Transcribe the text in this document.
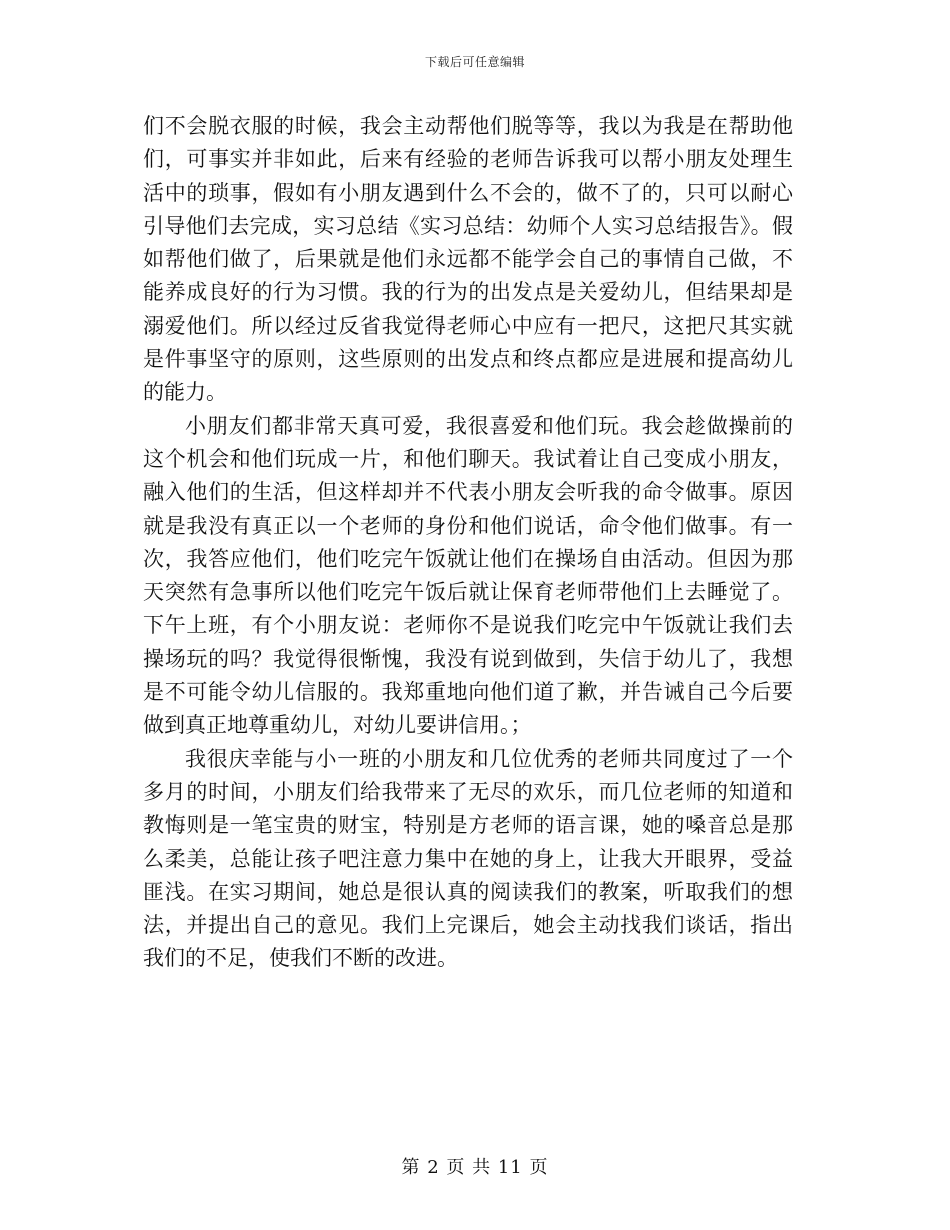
下载后可任意编辑

们不会脱衣服的时候，我会主动帮他们脱等等，我以为我是在帮助他们，可事实并非如此，后来有经验的老师告诉我可以帮小朋友处理生活中的琐事，假如有小朋友遇到什么不会的，做不了的，只可以耐心引导他们去完成，实习总结《实习总结：幼师个人实习总结报告》。假如帮他们做了，后果就是他们永远都不能学会自己的事情自己做，不能养成良好的行为习惯。我的行为的出发点是关爱幼儿，但结果却是溺爱他们。所以经过反省我觉得老师心中应有一把尺，这把尺其实就是件事坚守的原则，这些原则的出发点和终点都应是进展和提高幼儿的能力。

小朋友们都非常天真可爱，我很喜爱和他们玩。我会趁做操前的这个机会和他们玩成一片，和他们聊天。我试着让自己变成小朋友，融入他们的生活，但这样却并不代表小朋友会听我的命令做事。原因就是我没有真正以一个老师的身份和他们说话，命令他们做事。有一次，我答应他们，他们吃完午饭就让他们在操场自由活动。但因为那天突然有急事所以他们吃完午饭后就让保育老师带他们上去睡觉了。下午上班，有个小朋友说：老师你不是说我们吃完中午饭就让我们去操场玩的吗？我觉得很惭愧，我没有说到做到，失信于幼儿了，我想是不可能令幼儿信服的。我郑重地向他们道了歉，并告诫自己今后要做到真正地尊重幼儿，对幼儿要讲信用。；

我很庆幸能与小一班的小朋友和几位优秀的老师共同度过了一个多月的时间，小朋友们给我带来了无尽的欢乐，而几位老师的知道和教悔则是一笔宝贵的财宝，特别是方老师的语言课，她的嗓音总是那么柔美，总能让孩子吧注意力集中在她的身上，让我大开眼界，受益匪浅。在实习期间，她总是很认真的阅读我们的教案，听取我们的想法，并提出自己的意见。我们上完课后，她会主动找我们谈话，指出我们的不足，使我们不断的改进。

第 2 页 共 11 页
